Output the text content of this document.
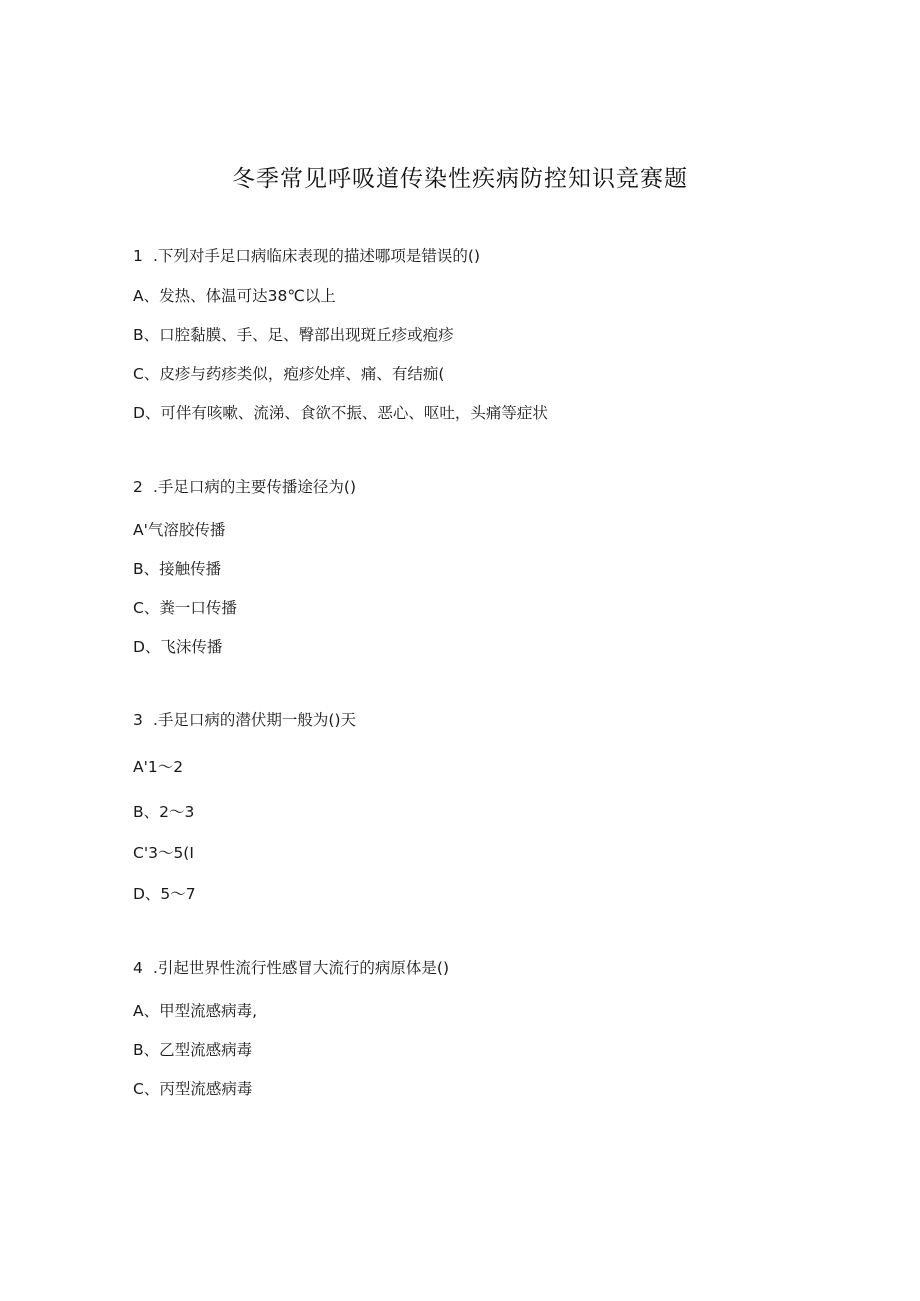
冬季常见呼吸道传染性疾病防控知识竞赛题
1 .下列对手足口病临床表现的描述哪项是错误的()
A、发热、体温可达38℃以上
B、口腔黏膜、手、足、臀部出现斑丘疹或疱疹
C、皮疹与药疹类似，疱疹处痒、痛、有结痂(
D、可伴有咳嗽、流涕、食欲不振、恶心、呕吐，头痛等症状
2 .手足口病的主要传播途径为()
A'气溶胶传播
B、接触传播
C、粪一口传播
D、飞沫传播
3 .手足口病的潜伏期一般为()天
A'1～2
B、2～3
C'3～5(I
D、5～7
4 .引起世界性流行性感冒大流行的病原体是()
A、甲型流感病毒,
B、乙型流感病毒
C、丙型流感病毒
